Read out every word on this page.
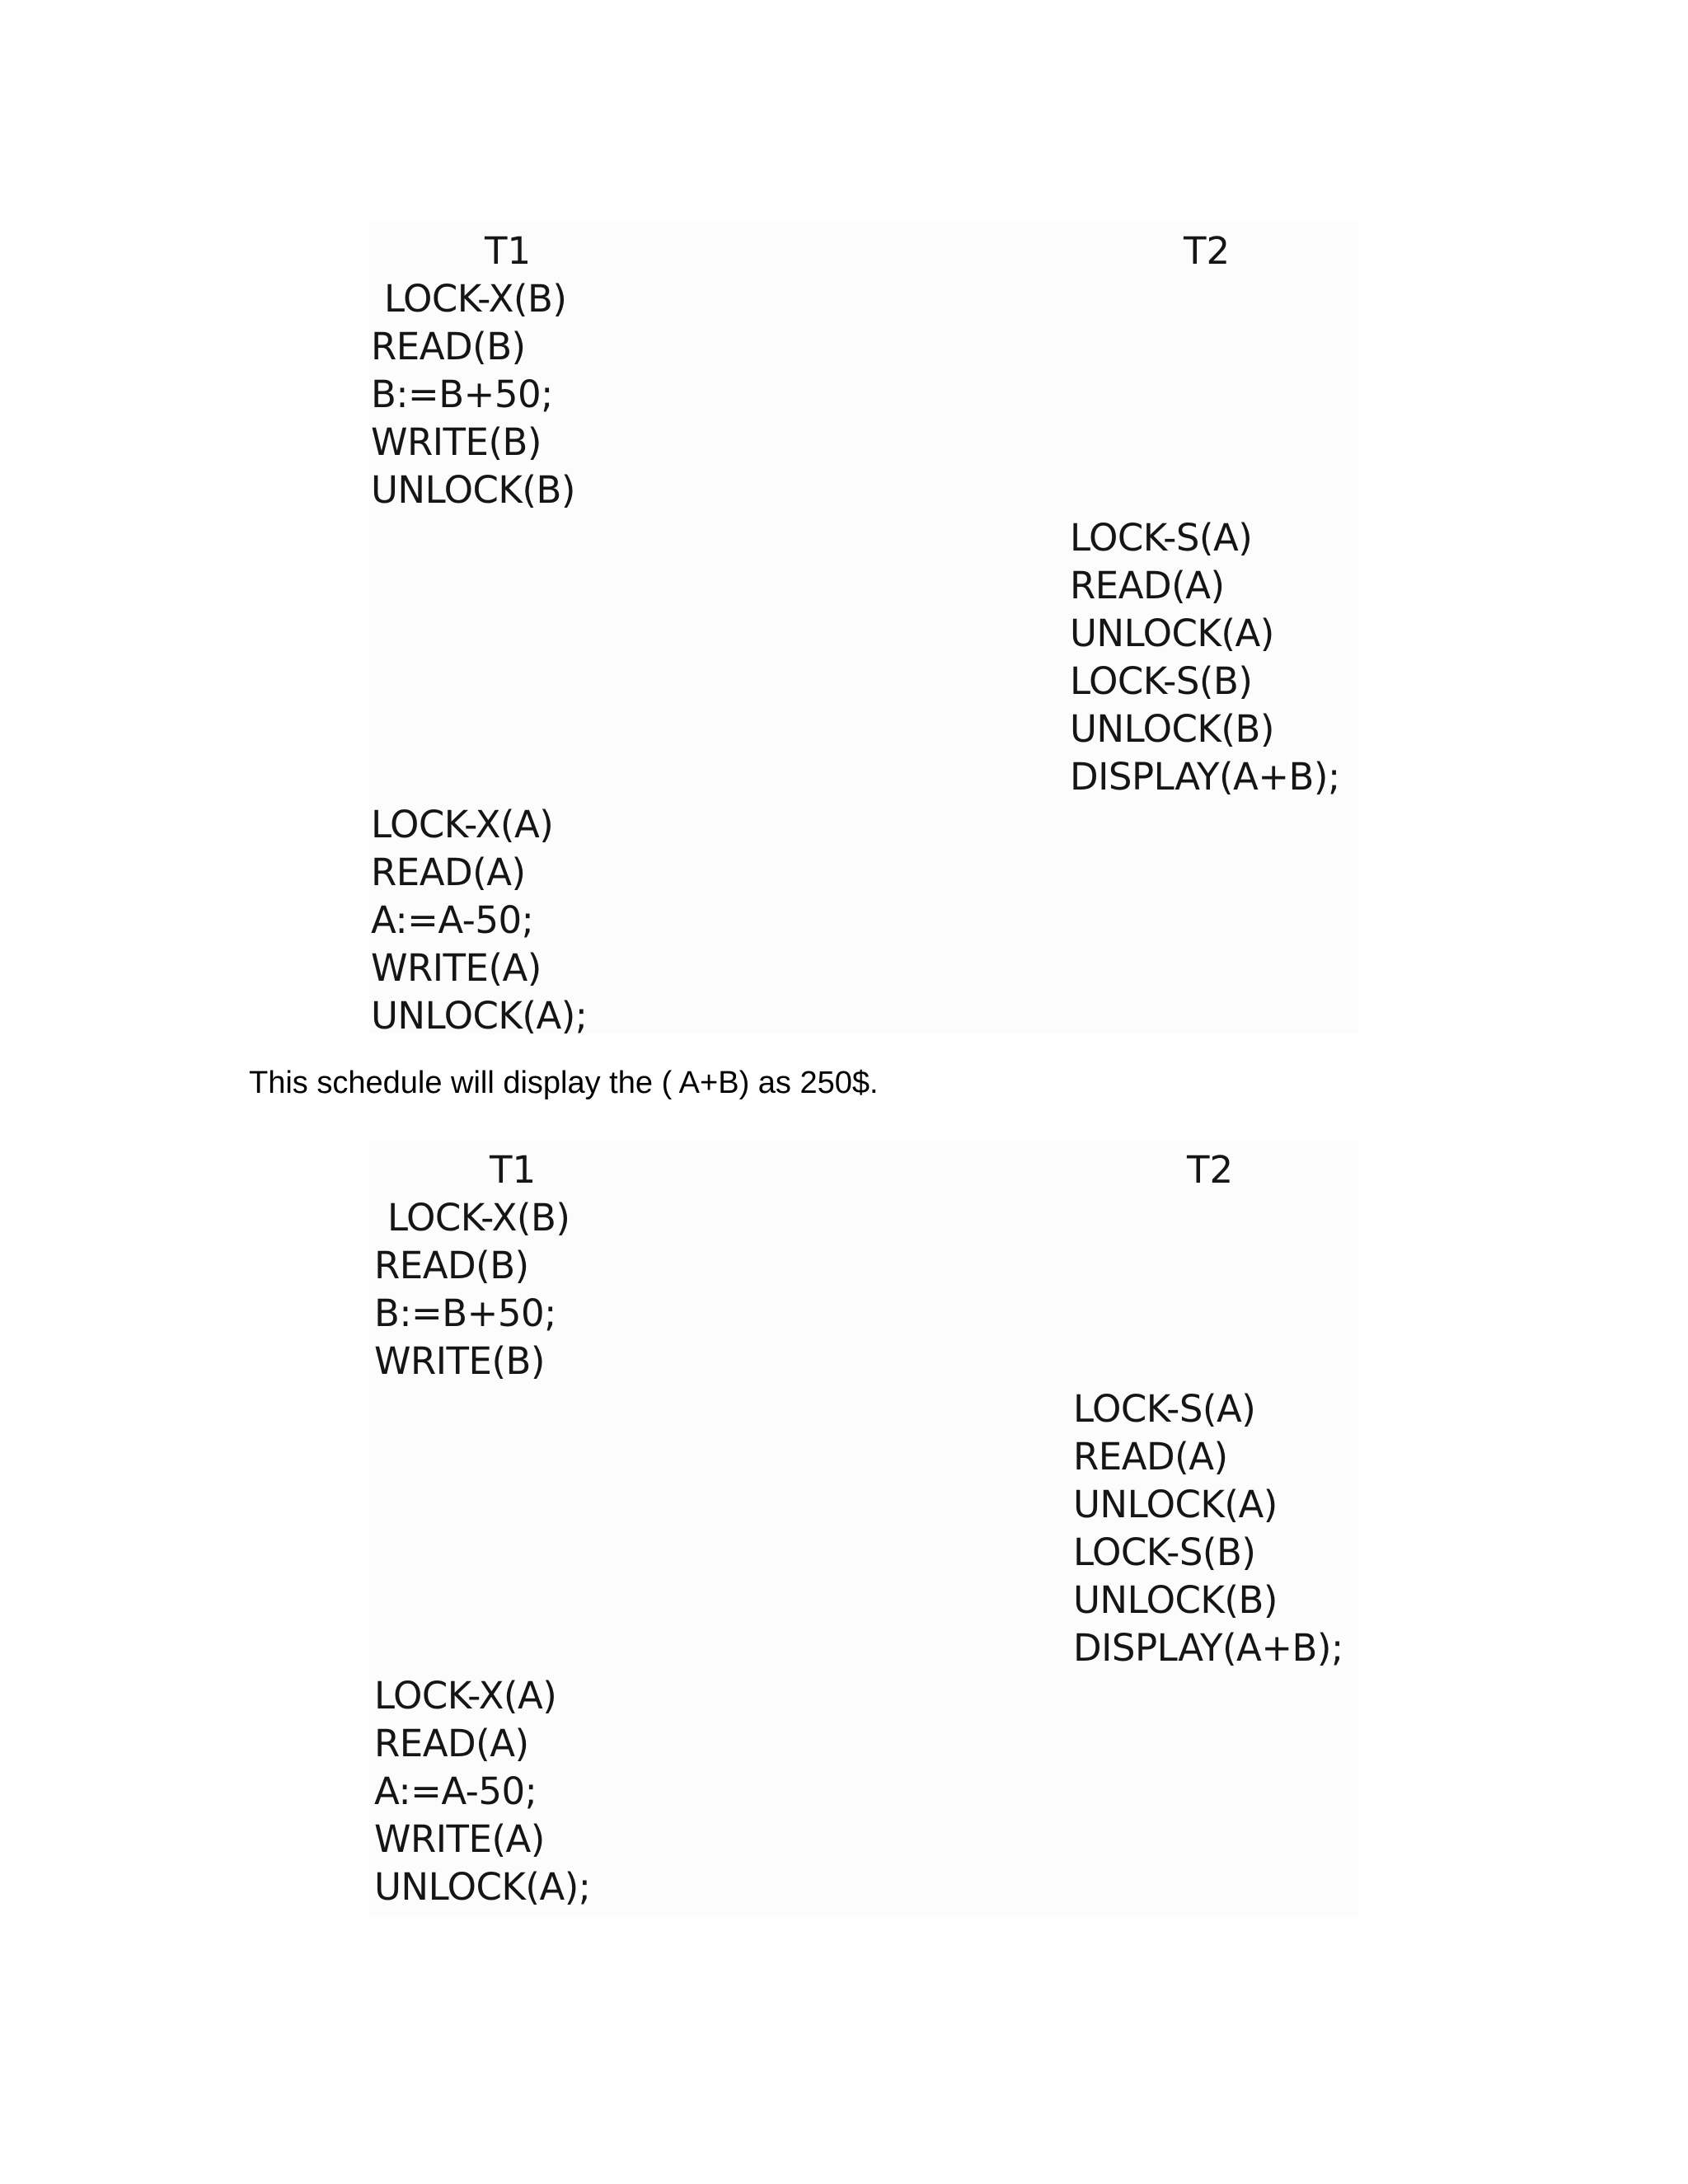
T1	T2
LOCK-X(B)
READ(B)
B:=B+50;
WRITE(B)
UNLOCK(B)
LOCK-S(A)
READ(A)
UNLOCK(A)
LOCK-S(B)
UNLOCK(B)
DISPLAY(A+B);
LOCK-X(A)
READ(A)
A:=A-50;
WRITE(A)
UNLOCK(A);
This schedule will display the ( A+B) as 250$.
T1	T2
LOCK-X(B)
READ(B)
B:=B+50;
WRITE(B)
LOCK-S(A)
READ(A)
UNLOCK(A)
LOCK-S(B)
UNLOCK(B)
DISPLAY(A+B);
LOCK-X(A)
READ(A)
A:=A-50;
WRITE(A)
UNLOCK(A);
